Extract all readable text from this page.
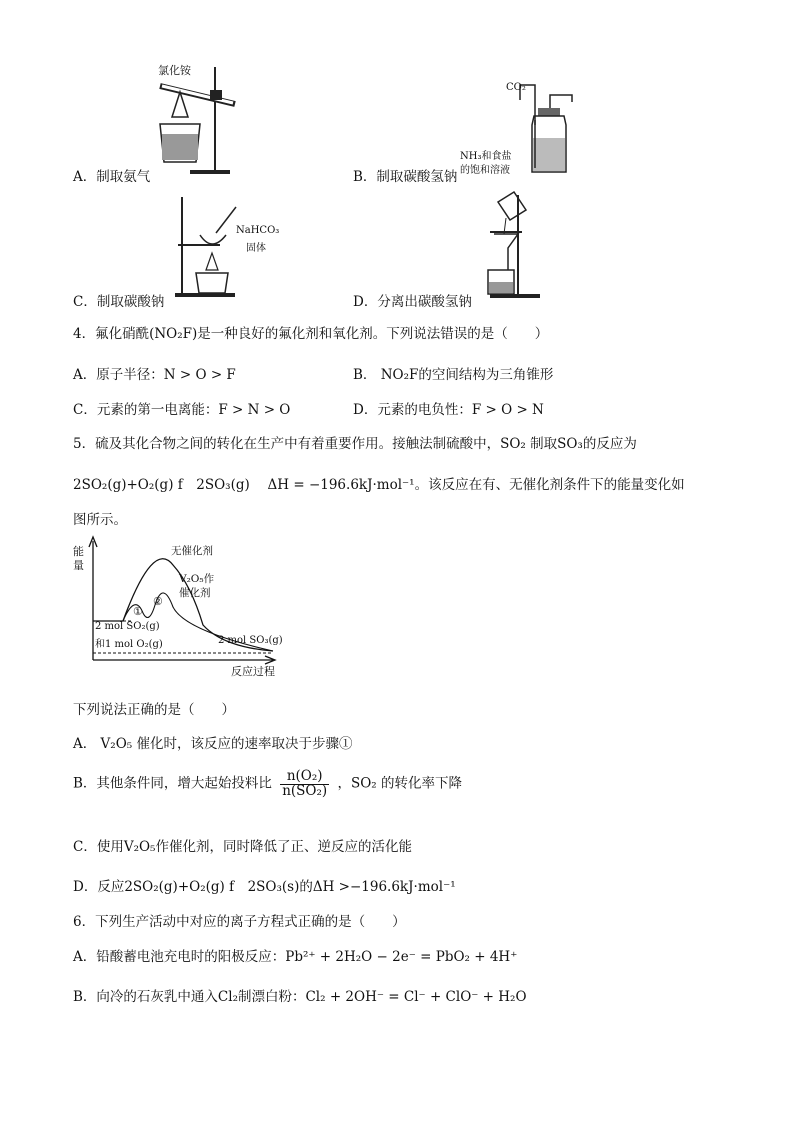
氯化铵
A．制取氨气
CO₂
NH₃和食盐
的饱和溶液
B．制取碳酸氢钠
NaHCO₃
固体
C．制取碳酸钠	D．分离出碳酸氢钠
4．氟化硝酰(NO₂F)是一种良好的氟化剂和氧化剂。下列说法错误的是（　　）
A．原子半径：N > O > F	B． NO₂F的空间结构为三角锥形
C．元素的第一电离能：F > N > O	D．元素的电负性：F > O > N
5．硫及其化合物之间的转化在生产中有着重要作用。接触法制硫酸中，SO₂ 制取SO₃的反应为
2SO₂(g)+O₂(g) f　2SO₃(g)　 ΔH = −196.6kJ·mol⁻¹。该反应在有、无催化剂条件下的能量变化如
图所示。
能
量
无催化剂
V₂O₅作
催化剂
①
②
2 mol SO₂(g)
和1 mol O₂(g)	2 mol SO₃(g)
反应过程
下列说法正确的是（　　）
A． V₂O₅ 催化时，该反应的速率取决于步骤①
B．其他条件同，增大起始投料比 $\frac{\text{n(O₂)}}{\text{n(SO₂)}}$ ，SO₂ 的转化率下降
C．使用V₂O₅作催化剂，同时降低了正、逆反应的活化能
D．反应2SO₂(g)+O₂(g) f　2SO₃(s)的ΔH >−196.6kJ·mol⁻¹
6．下列生产活动中对应的离子方程式正确的是（　　）
A．铅酸蓄电池充电时的阳极反应：Pb²⁺ + 2H₂O − 2e⁻ = PbO₂ + 4H⁺
B．向冷的石灰乳中通入Cl₂制漂白粉：Cl₂ + 2OH⁻ = Cl⁻ + ClO⁻ + H₂O
